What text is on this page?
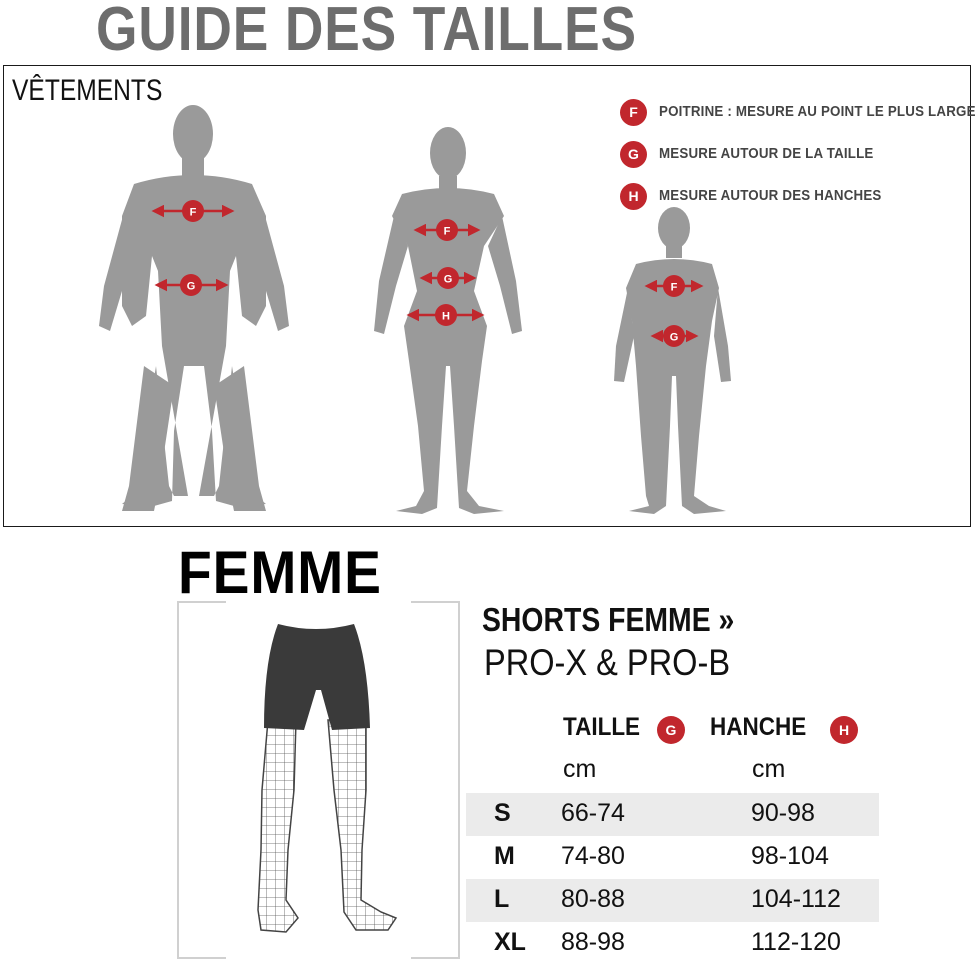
GUIDE DES TAILLES
VÊTEMENTS
F
G
F
G
H
F
G
F	POITRINE : MESURE AU POINT LE PLUS LARGE
G	MESURE AUTOUR DE LA TAILLE
H	MESURE AUTOUR DES HANCHES
FEMME
SHORTS FEMME »
PRO-X & PRO-B
TAILLE	G	HANCHE	H
cm	cm
S 66-74	90-98
M 74-80	98-104
L 80-88	104-112
XL 88-98	112-120
